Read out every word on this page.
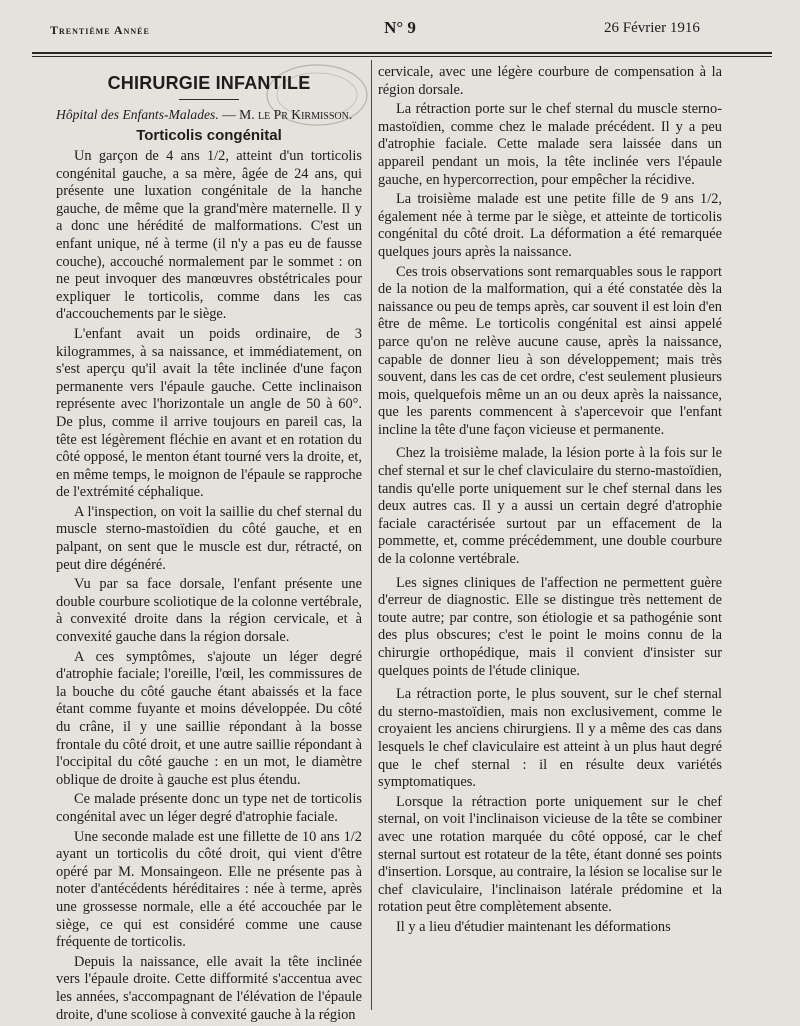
Trentième Année	N° 9	26 Février 1916
CHIRURGIE INFANTILE
Hôpital des Enfants-Malades. — M. le Pr Kirmisson.
Torticolis congénital

Un garçon de 4 ans 1/2, atteint d'un torticolis congénital gauche, a sa mère, âgée de 24 ans, qui présente une luxation congénitale de la hanche gauche, de même que la grand'mère maternelle. Il y a donc une hérédité de malformations. C'est un enfant unique, né à terme (il n'y a pas eu de fausse couche), accouché normalement par le sommet : on ne peut invoquer des manœuvres obstétricales pour expliquer le torticolis, comme dans les cas d'accouchements par le siège.

L'enfant avait un poids ordinaire, de 3 kilogrammes, à sa naissance, et immédiatement, on s'est aperçu qu'il avait la tête inclinée d'une façon permanente vers l'épaule gauche. Cette inclinaison représente avec l'horizontale un angle de 50 à 60°. De plus, comme il arrive toujours en pareil cas, la tête est légèrement fléchie en avant et en rotation du côté opposé, le menton étant tourné vers la droite, et, en même temps, le moignon de l'épaule se rapproche de l'extrémité céphalique.

A l'inspection, on voit la saillie du chef sternal du muscle sterno-mastoïdien du côté gauche, et en palpant, on sent que le muscle est dur, rétracté, on peut dire dégénéré.

Vu par sa face dorsale, l'enfant présente une double courbure scoliotique de la colonne vertébrale, à convexité droite dans la région cervicale, et à convexité gauche dans la région dorsale.

A ces symptômes, s'ajoute un léger degré d'atrophie faciale; l'oreille, l'œil, les commissures de la bouche du côté gauche étant abaissés et la face étant comme fuyante et moins développée. Du côté du crâne, il y une saillie répondant à la bosse frontale du côté droit, et une autre saillie répondant à l'occipital du côté gauche : en un mot, le diamètre oblique de droite à gauche est plus étendu.

Ce malade présente donc un type net de torticolis congénital avec un léger degré d'atrophie faciale.

Une seconde malade est une fillette de 10 ans 1/2 ayant un torticolis du côté droit, qui vient d'être opéré par M. Monsaingeon. Elle ne présente pas à noter d'antécédents héréditaires : née à terme, après une grossesse normale, elle a été accouchée par le siège, ce qui est considéré comme une cause fréquente de torticolis.

Depuis la naissance, elle avait la tête inclinée vers l'épaule droite. Cette difformité s'accentua avec les années, s'accompagnant de l'élévation de l'épaule droite, d'une scoliose à convexité gauche à la région

cervicale, avec une légère courbure de compensation à la région dorsale.

La rétraction porte sur le chef sternal du muscle sterno-mastoïdien, comme chez le malade précédent. Il y a peu d'atrophie faciale. Cette malade sera laissée dans un appareil pendant un mois, la tête inclinée vers l'épaule gauche, en hypercorrection, pour empêcher la récidive.

La troisième malade est une petite fille de 9 ans 1/2, également née à terme par le siège, et atteinte de torticolis congénital du côté droit. La déformation a été remarquée quelques jours après la naissance.

Ces trois observations sont remarquables sous le rapport de la notion de la malformation, qui a été constatée dès la naissance ou peu de temps après, car souvent il est loin d'en être de même. Le torticolis congénital est ainsi appelé parce qu'on ne relève aucune cause, après la naissance, capable de donner lieu à son développement; mais très souvent, dans les cas de cet ordre, c'est seulement plusieurs mois, quelquefois même un an ou deux après la naissance, que les parents commencent à s'apercevoir que l'enfant incline la tête d'une façon vicieuse et permanente.

Chez la troisième malade, la lésion porte à la fois sur le chef sternal et sur le chef claviculaire du sterno-mastoïdien, tandis qu'elle porte uniquement sur le chef sternal dans les deux autres cas. Il y a aussi un certain degré d'atrophie faciale caractérisée surtout par un effacement de la pommette, et, comme précédemment, une double courbure de la colonne vertébrale.

Les signes cliniques de l'affection ne permettent guère d'erreur de diagnostic. Elle se distingue très nettement de toute autre; par contre, son étiologie et sa pathogénie sont des plus obscures; c'est le point le moins connu de la chirurgie orthopédique, mais il convient d'insister sur quelques points de l'étude clinique.

La rétraction porte, le plus souvent, sur le chef sternal du sterno-mastoïdien, mais non exclusivement, comme le croyaient les anciens chirurgiens. Il y a même des cas dans lesquels le chef claviculaire est atteint à un plus haut degré que le chef sternal : il en résulte deux variétés symptomatiques.

Lorsque la rétraction porte uniquement sur le chef sternal, on voit l'inclinaison vicieuse de la tête se combiner avec une rotation marquée du côté opposé, car le chef sternal surtout est rotateur de la tête, étant donné ses points d'insertion. Lorsque, au contraire, la lésion se localise sur le chef claviculaire, l'inclinaison latérale prédomine et la rotation peut être complètement absente.

Il y a lieu d'étudier maintenant les déformations
